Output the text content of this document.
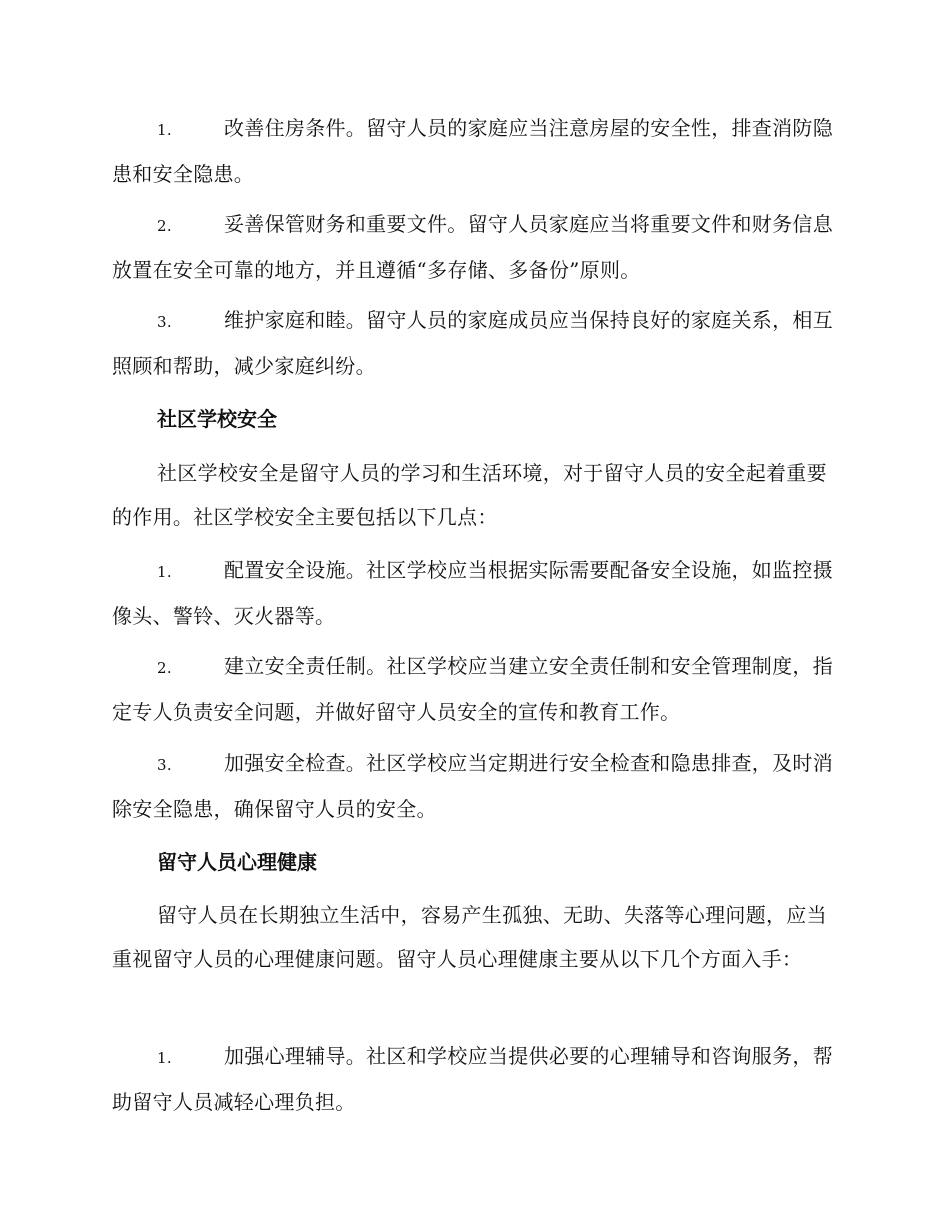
1.	改善住房条件。留守人员的家庭应当注意房屋的安全性，排查消防隐患和安全隐患。
2.	妥善保管财务和重要文件。留守人员家庭应当将重要文件和财务信息放置在安全可靠的地方，并且遵循“多存储、多备份”原则。
3.	维护家庭和睦。留守人员的家庭成员应当保持良好的家庭关系，相互照顾和帮助，减少家庭纠纷。
社区学校安全
社区学校安全是留守人员的学习和生活环境，对于留守人员的安全起着重要的作用。社区学校安全主要包括以下几点：
1.	配置安全设施。社区学校应当根据实际需要配备安全设施，如监控摄像头、警铃、灭火器等。
2.	建立安全责任制。社区学校应当建立安全责任制和安全管理制度，指定专人负责安全问题，并做好留守人员安全的宣传和教育工作。
3.	加强安全检查。社区学校应当定期进行安全检查和隐患排查，及时消除安全隐患，确保留守人员的安全。
留守人员心理健康
留守人员在长期独立生活中，容易产生孤独、无助、失落等心理问题，应当重视留守人员的心理健康问题。留守人员心理健康主要从以下几个方面入手：
1.	加强心理辅导。社区和学校应当提供必要的心理辅导和咨询服务，帮助留守人员减轻心理负担。
